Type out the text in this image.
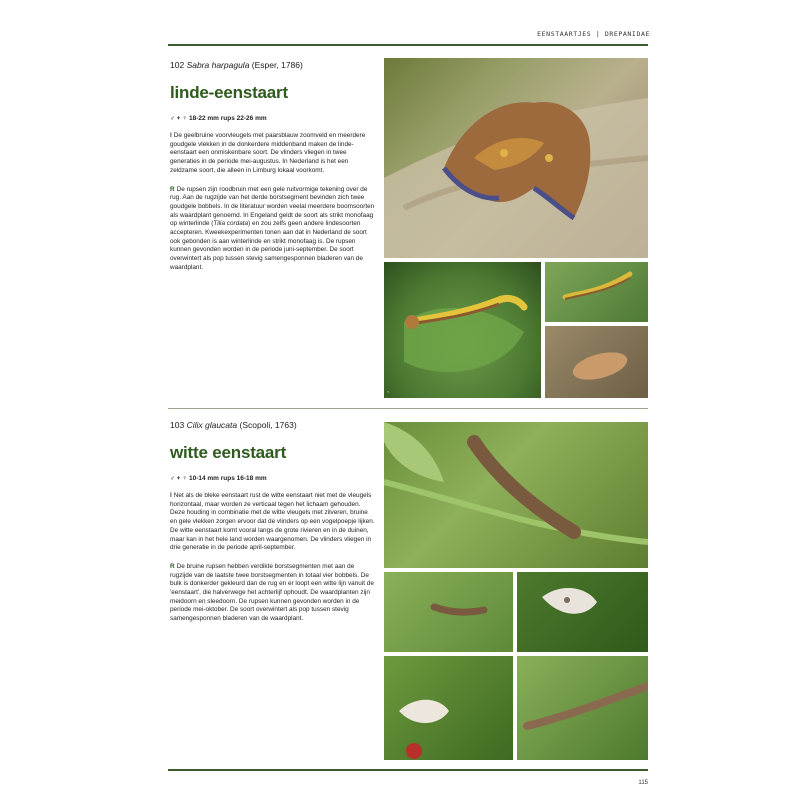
EENSTAARTJES | DREPANIDAE
102 Sabra harpagula (Esper, 1786)
linde-eenstaart
♂ + ♀ 18-22 mm rups 22-26 mm
I De geelbruine voorvleugels met paarsblauw zoomveld en meerdere goudgele vlekken in de donkerdere middenband maken de linde-eenstaart een onmiskenbare soort. De vlinders vliegen in twee generaties in de periode mei-augustus. In Nederland is het een zeldzame soort, die alleen in Limburg lokaal voorkomt.
R De rupsen zijn roodbruin met een gele ruitvormige tekening over de rug. Aan de rugzijde van het derde borstsegment bevinden zich twee goudgele bobbels. In de literatuur worden veelal meerdere boomsoorten als waardplant genoemd. In Engeland geldt de soort als strikt monofaag op winterlinde (Tilia cordata) en zou zelfs geen andere lindesoorten accepteren. Kweekexperimenten tonen aan dat in Nederland de soort ook gebonden is aan winterlinde en strikt monofaag is. De rupsen kunnen gevonden worden in de periode juni-september. De soort overwintert als pop tussen stevig samengesponnen bladeren van de waardplant.
103 Cilix glaucata (Scopoli, 1763)
witte eenstaart
♂ + ♀ 10-14 mm rups 16-18 mm
I Net als de bleke eenstaart rust de witte eenstaart niet met de vleugels horizontaal, maar worden ze verticaal tegen het lichaam gehouden. Deze houding in combinatie met de witte vleugels met zilveren, bruine en gele vlekken zorgen ervoor dat de vlinders op een vogelpoepje lijken. De witte eenstaart komt vooral langs de grote rivieren en in de duinen, maar kan in het hele land worden waargenomen. De vlinders vliegen in drie generatie in de periode april-september.
R De bruine rupsen hebben verdikte borstsegmenten met aan de rugzijde van de laatste twee borstsegmenten in totaal vier bobbels. De bulk is donkerder gekleurd dan de rug en er loopt een witte lijn vanuit de 'eenstaart', die halverwege het achterlijf ophoudt. De waardplanten zijn meidoorn en sleedoorn. De rupsen kunnen gevonden worden in de periode mei-oktober. De soort overwintert als pop tussen stevig samengesponnen bladeren van de waardplant.
ꜛ
115
